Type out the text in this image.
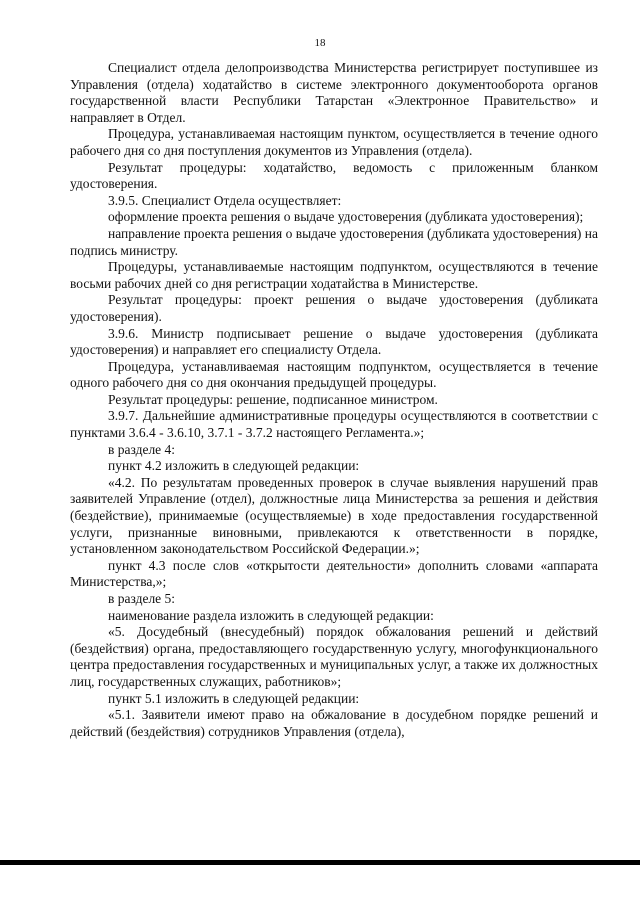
18

Специалист отдела делопроизводства Министерства регистрирует поступившее из Управления (отдела) ходатайство в системе электронного документооборота органов государственной власти Республики Татарстан «Электронное Правительство» и направляет в Отдел.

Процедура, устанавливаемая настоящим пунктом, осуществляется в течение одного рабочего дня со дня поступления документов из Управления (отдела).

Результат процедуры: ходатайство, ведомость с приложенным бланком удостоверения.

3.9.5. Специалист Отдела осуществляет:

оформление проекта решения о выдаче удостоверения (дубликата удостоверения);

направление проекта решения о выдаче удостоверения (дубликата удостоверения) на подпись министру.

Процедуры, устанавливаемые настоящим подпунктом, осуществляются в течение восьми рабочих дней со дня регистрации ходатайства в Министерстве.

Результат процедуры: проект решения о выдаче удостоверения (дубликата удостоверения).

3.9.6. Министр подписывает решение о выдаче удостоверения (дубликата удостоверения) и направляет его специалисту Отдела.

Процедура, устанавливаемая настоящим подпунктом, осуществляется в течение одного рабочего дня со дня окончания предыдущей процедуры.

Результат процедуры: решение, подписанное министром.

3.9.7. Дальнейшие административные процедуры осуществляются в соответствии с пунктами 3.6.4 - 3.6.10, 3.7.1 - 3.7.2 настоящего Регламента.»;

в разделе 4:

пункт 4.2 изложить в следующей редакции:

«4.2. По результатам проведенных проверок в случае выявления нарушений прав заявителей Управление (отдел), должностные лица Министерства за решения и действия (бездействие), принимаемые (осуществляемые) в ходе предоставления государственной услуги, признанные виновными, привлекаются к ответственности в порядке, установленном законодательством Российской Федерации.»;

пункт 4.3 после слов «открытости деятельности» дополнить словами «аппарата Министерства,»;

в разделе 5:

наименование раздела изложить в следующей редакции:

«5. Досудебный (внесудебный) порядок обжалования решений и действий (бездействия) органа, предоставляющего государственную услугу, многофункционального центра предоставления государственных и муниципальных услуг, а также их должностных лиц, государственных служащих, работников»;

пункт 5.1 изложить в следующей редакции:

«5.1. Заявители имеют право на обжалование в досудебном порядке решений и действий (бездействия) сотрудников Управления (отдела),
